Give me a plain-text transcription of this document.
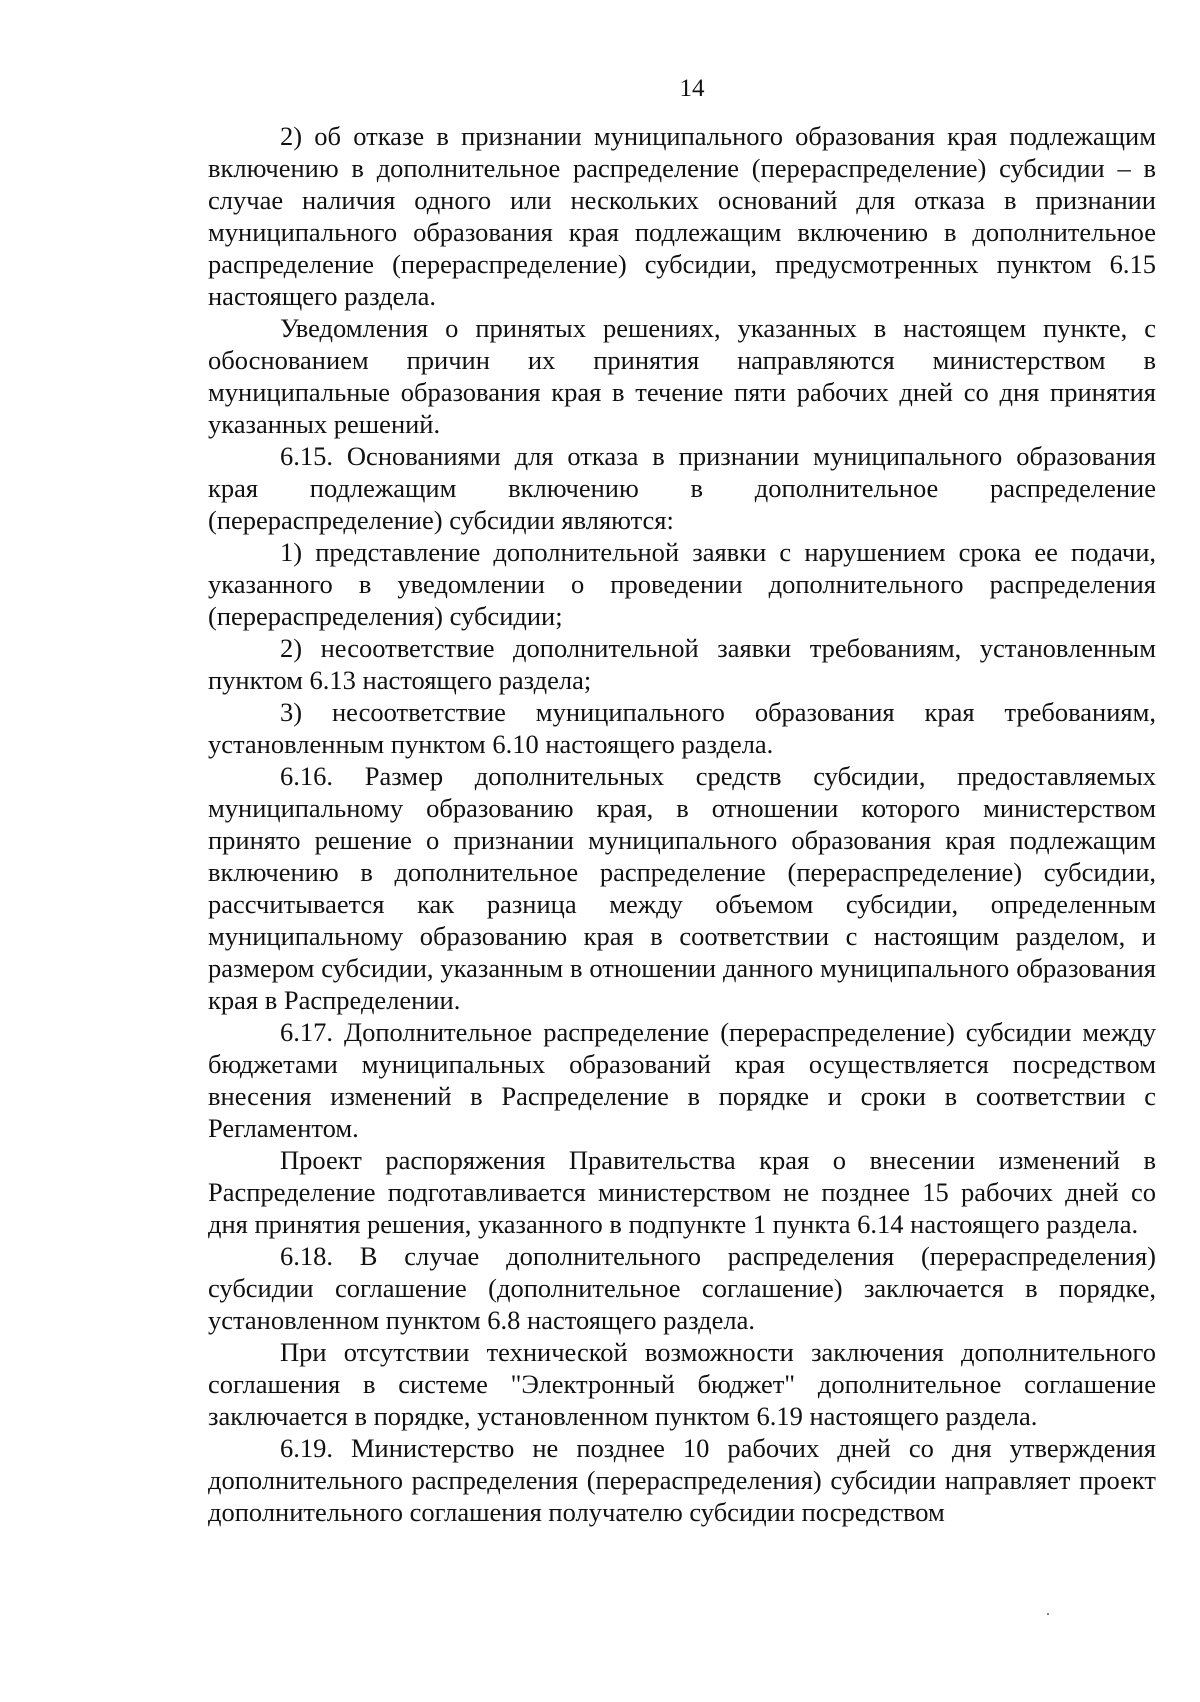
14

2) об отказе в признании муниципального образования края подлежащим включению в дополнительное распределение (перераспределение) субсидии – в случае наличия одного или нескольких оснований для отказа в признании муниципального образования края подлежащим включению в дополнительное распределение (перераспределение) субсидии, предусмотренных пунктом 6.15 настоящего раздела.

Уведомления о принятых решениях, указанных в настоящем пункте, с обоснованием причин их принятия направляются министерством в муниципальные образования края в течение пяти рабочих дней со дня принятия указанных решений.

6.15. Основаниями для отказа в признании муниципального образования края подлежащим включению в дополнительное распределение (перераспределение) субсидии являются:

1) представление дополнительной заявки с нарушением срока ее подачи, указанного в уведомлении о проведении дополнительного распределения (перераспределения) субсидии;

2) несоответствие дополнительной заявки требованиям, установленным пунктом 6.13 настоящего раздела;

3) несоответствие муниципального образования края требованиям, установленным пунктом 6.10 настоящего раздела.

6.16. Размер дополнительных средств субсидии, предоставляемых муниципальному образованию края, в отношении которого министерством принято решение о признании муниципального образования края подлежащим включению в дополнительное распределение (перераспределение) субсидии, рассчитывается как разница между объемом субсидии, определенным муниципальному образованию края в соответствии с настоящим разделом, и размером субсидии, указанным в отношении данного муниципального образования края в Распределении.

6.17. Дополнительное распределение (перераспределение) субсидии между бюджетами муниципальных образований края осуществляется посредством внесения изменений в Распределение в порядке и сроки в соответствии с Регламентом.

Проект распоряжения Правительства края о внесении изменений в Распределение подготавливается министерством не позднее 15 рабочих дней со дня принятия решения, указанного в подпункте 1 пункта 6.14 настоящего раздела.

6.18. В случае дополнительного распределения (перераспределения) субсидии соглашение (дополнительное соглашение) заключается в порядке, установленном пунктом 6.8 настоящего раздела.

При отсутствии технической возможности заключения дополнительного соглашения в системе "Электронный бюджет" дополнительное соглашение заключается в порядке, установленном пунктом 6.19 настоящего раздела.

6.19. Министерство не позднее 10 рабочих дней со дня утверждения дополнительного распределения (перераспределения) субсидии направляет проект дополнительного соглашения получателю субсидии посредством
